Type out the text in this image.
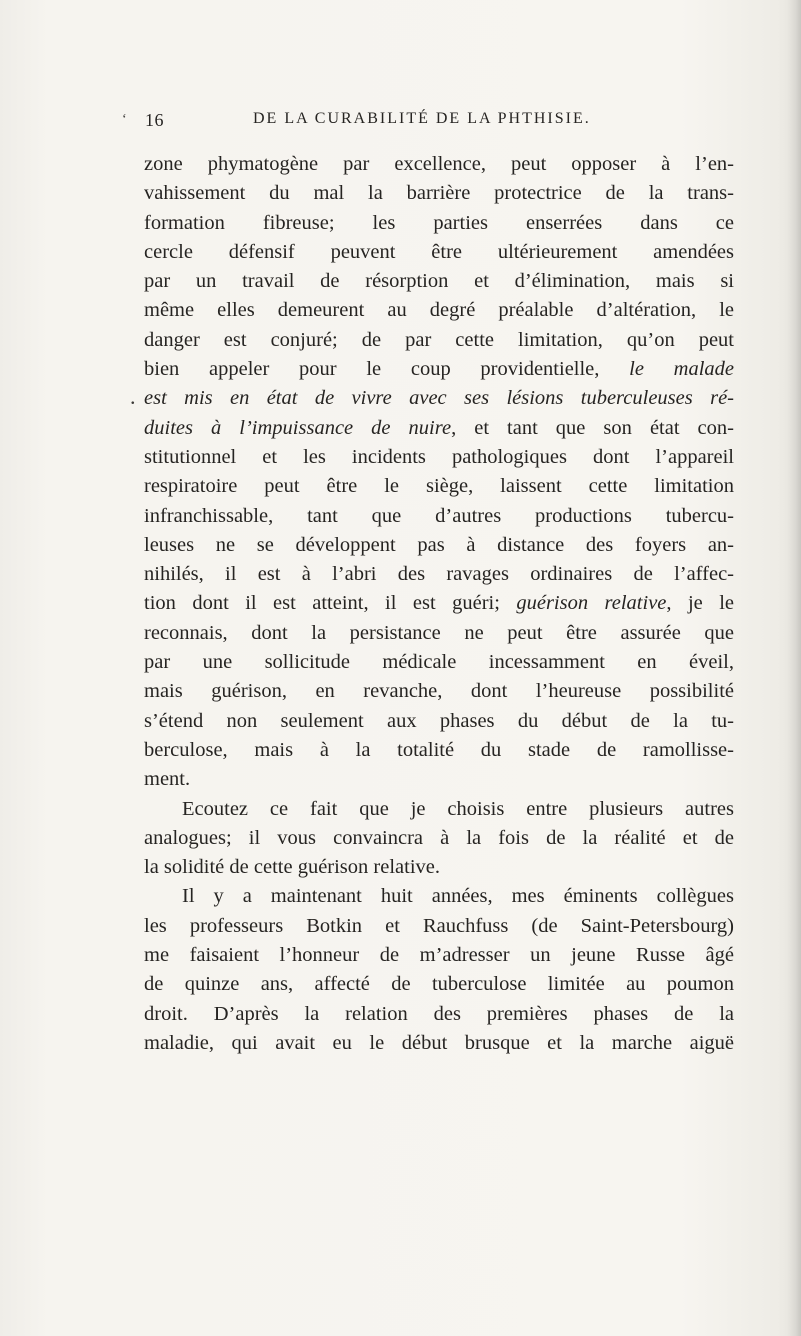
‘ 16	DE LA CURABILITÉ DE LA PHTHISIE.
.
zone phymatogène par excellence, peut opposer à l’en-
vahissement du mal la barrière protectrice de la trans-
formation fibreuse; les parties enserrées dans ce
cercle défensif peuvent être ultérieurement amendées
par un travail de résorption et d’élimination, mais si
même elles demeurent au degré préalable d’altération, le
danger est conjuré; de par cette limitation, qu’on peut
bien appeler pour le coup providentielle, le malade
est mis en état de vivre avec ses lésions tuberculeuses ré-
duites à l’impuissance de nuire, et tant que son état con-
stitutionnel et les incidents pathologiques dont l’appareil
respiratoire peut être le siège, laissent cette limitation
infranchissable, tant que d’autres productions tubercu-
leuses ne se développent pas à distance des foyers an-
nihilés, il est à l’abri des ravages ordinaires de l’affec-
tion dont il est atteint, il est guéri; guérison relative, je le
reconnais, dont la persistance ne peut être assurée que
par une sollicitude médicale incessamment en éveil,
mais guérison, en revanche, dont l’heureuse possibilité
s’étend non seulement aux phases du début de la tu-
berculose, mais à la totalité du stade de ramollisse-
ment.
Ecoutez ce fait que je choisis entre plusieurs autres
analogues; il vous convaincra à la fois de la réalité et de
la solidité de cette guérison relative.
Il y a maintenant huit années, mes éminents collègues
les professeurs Botkin et Rauchfuss (de Saint-Petersbourg)
me faisaient l’honneur de m’adresser un jeune Russe âgé
de quinze ans, affecté de tuberculose limitée au poumon
droit. D’après la relation des premières phases de la
maladie, qui avait eu le début brusque et la marche aiguë
